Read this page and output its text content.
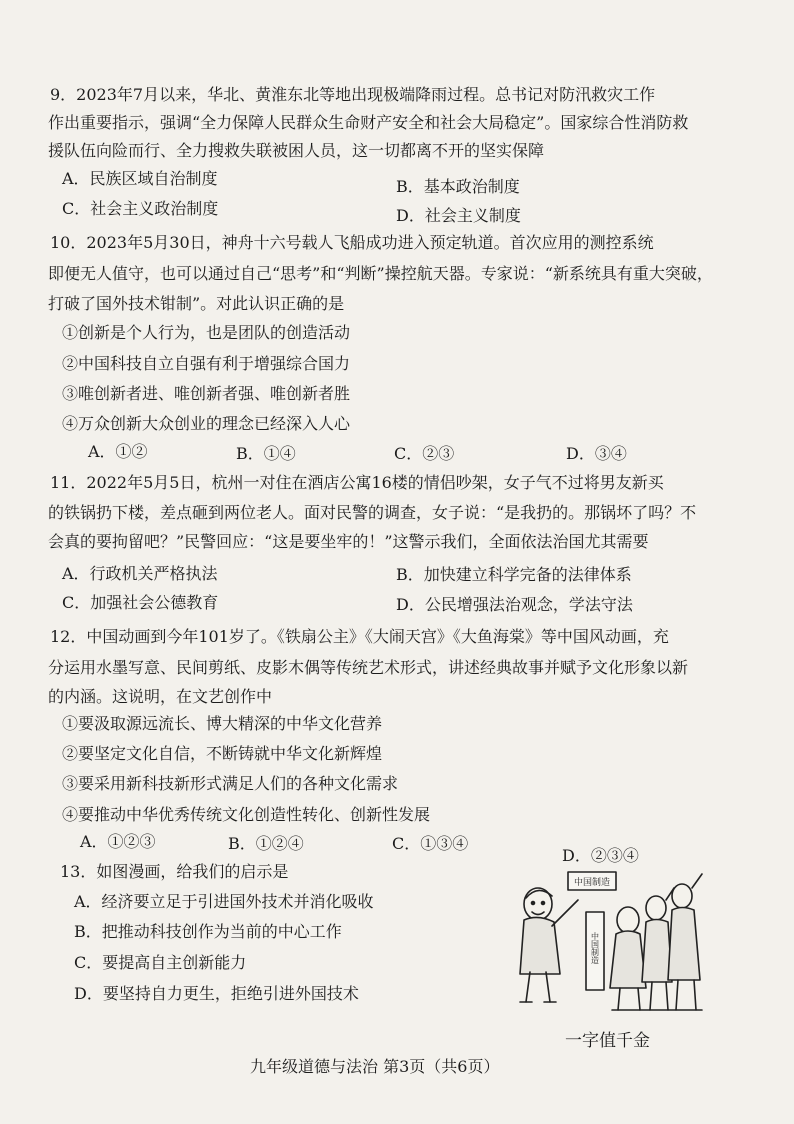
9．2023年7月以来，华北、黄淮东北等地出现极端降雨过程。总书记对防汛救灾工作
作出重要指示，强调“全力保障人民群众生命财产安全和社会大局稳定”。国家综合性消防救
援队伍向险而行、全力搜救失联被困人员，这一切都离不开的坚实保障
A．民族区域自治制度	B．基本政治制度
C．社会主义政治制度	D．社会主义制度
10．2023年5月30日，神舟十六号载人飞船成功进入预定轨道。首次应用的测控系统
即便无人值守，也可以通过自己“思考”和“判断”操控航天器。专家说：“新系统具有重大突破，
打破了国外技术钳制”。对此认识正确的是
①创新是个人行为，也是团队的创造活动
②中国科技自立自强有利于增强综合国力
③唯创新者进、唯创新者强、唯创新者胜
④万众创新大众创业的理念已经深入人心
A．①②	B．①④	C．②③	D．③④
11．2022年5月5日，杭州一对住在酒店公寓16楼的情侣吵架，女子气不过将男友新买
的铁锅扔下楼，差点砸到两位老人。面对民警的调查，女子说：“是我扔的。那锅坏了吗？不
会真的要拘留吧？”民警回应：“这是要坐牢的！”这警示我们，全面依法治国尤其需要
A．行政机关严格执法	B．加快建立科学完备的法律体系
C．加强社会公德教育	D．公民增强法治观念，学法守法
12．中国动画到今年101岁了。《铁扇公主》《大闹天宫》《大鱼海棠》等中国风动画，充
分运用水墨写意、民间剪纸、皮影木偶等传统艺术形式，讲述经典故事并赋予文化形象以新
的内涵。这说明，在文艺创作中
①要汲取源远流长、博大精深的中华文化营养
②要坚定文化自信，不断铸就中华文化新辉煌
③要采用新科技新形式满足人们的各种文化需求
④要推动中华优秀传统文化创造性转化、创新性发展
A．①②③	B．①②④	C．①③④
D．②③④
13．如图漫画，给我们的启示是
A．经济要立足于引进国外技术并消化吸收
B．把推动科技创作为当前的中心工作
C．要提高自主创新能力
D．要坚持自力更生，拒绝引进外国技术
中国制造
中国制造
一字值千金
九年级道德与法治 第3页（共6页）
